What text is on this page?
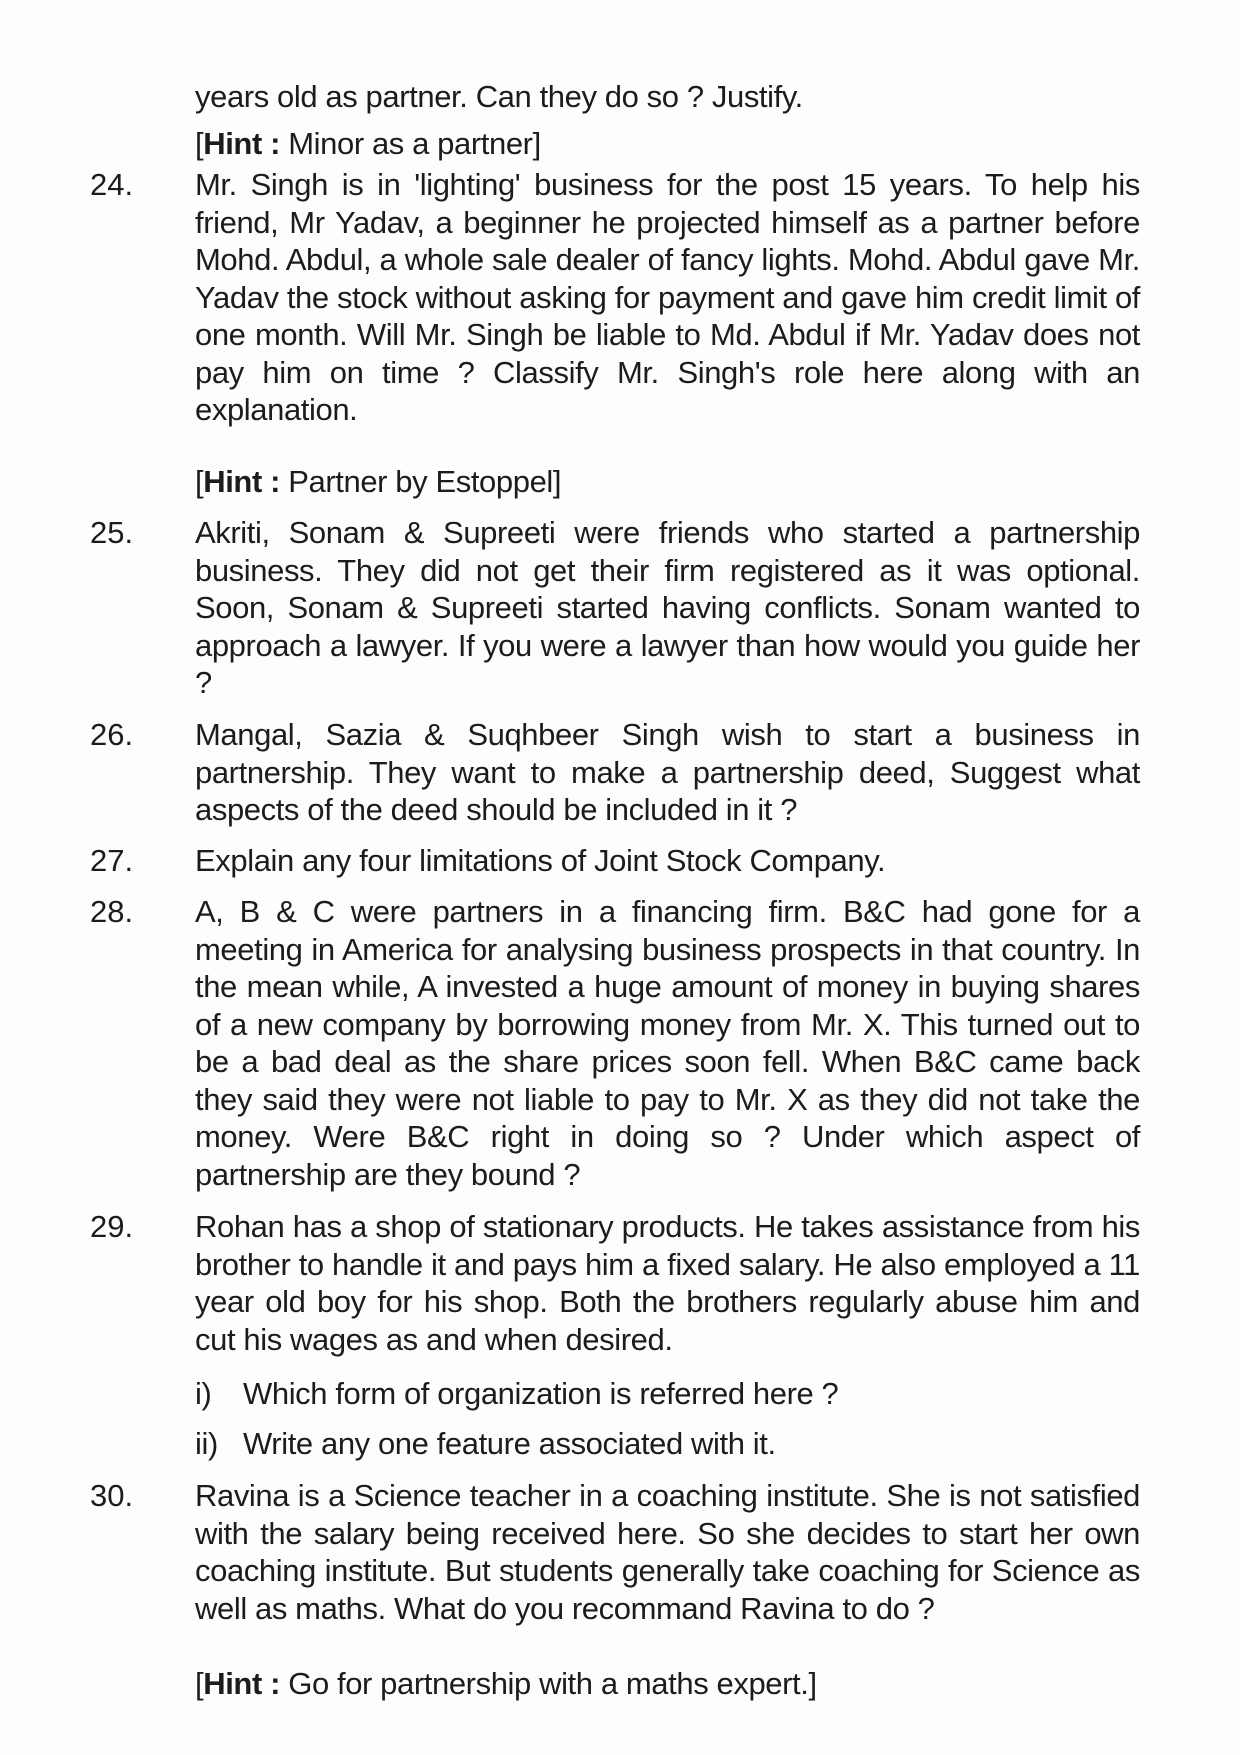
years old as partner. Can they do so ? Justify.
[Hint : Minor as a partner]
24. Mr. Singh is in 'lighting' business for the post 15 years. To help his friend, Mr Yadav, a beginner he projected himself as a partner before Mohd. Abdul, a whole sale dealer of fancy lights. Mohd. Abdul gave Mr. Yadav the stock without asking for payment and gave him credit limit of one month. Will Mr. Singh be liable to Md. Abdul if Mr. Yadav does not pay him on time ? Classify Mr. Singh's role here along with an explanation.
[Hint : Partner by Estoppel]
25. Akriti, Sonam & Supreeti were friends who started a partnership business. They did not get their firm registered as it was optional. Soon, Sonam & Supreeti started having conflicts. Sonam wanted to approach a lawyer. If you were a lawyer than how would you guide her ?
26. Mangal, Sazia & Suqhbeer Singh wish to start a business in partnership. They want to make a partnership deed, Suggest what aspects of the deed should be included in it ?
27. Explain any four limitations of Joint Stock Company.
28. A, B & C were partners in a financing firm. B&C had gone for a meeting in America for analysing business prospects in that country. In the mean while, A invested a huge amount of money in buying shares of a new company by borrowing money from Mr. X. This turned out to be a bad deal as the share prices soon fell. When B&C came back they said they were not liable to pay to Mr. X as they did not take the money. Were B&C right in doing so ? Under which aspect of partnership are they bound ?
29. Rohan has a shop of stationary products. He takes assistance from his brother to handle it and pays him a fixed salary. He also employed a 11 year old boy for his shop. Both the brothers regularly abuse him and cut his wages as and when desired.
i) Which form of organization is referred here ?
ii) Write any one feature associated with it.
30. Ravina is a Science teacher in a coaching institute. She is not satisfied with the salary being received here. So she decides to start her own coaching institute. But students generally take coaching for Science as well as maths. What do you recommand Ravina to do ?
[Hint : Go for partnership with a maths expert.]
